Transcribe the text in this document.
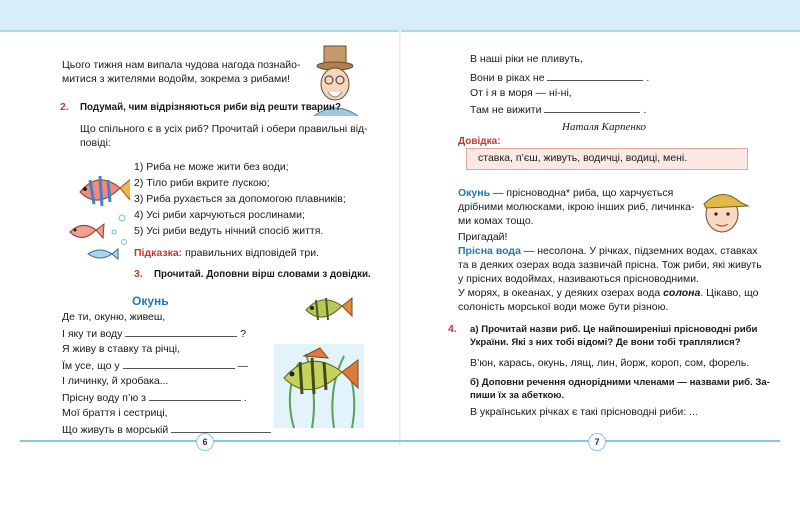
Цього тижня нам випала чудова нагода познайо-
митися з жителями водойм, зокрема з рибами!
2. Подумай, чим відрізняються риби від решти тварин?
Що спільного є в усіх риб? Прочитай і обери правильні від-
повіді:
1) Риба не може жити без води;
2) Тіло риби вкрите лускою;
3) Риба рухається за допомогою плавників;
4) Усі риби харчуються рослинами;
5) Усі риби ведуть нічний спосіб життя.
Підказка: правильних відповідей три.
3. Прочитай. Доповни вірш словами з довідки.
Окунь
Де ти, окуню, живеш,
І яку ти воду	?
Я живу в ставку та річці,
Їм усе, що у	—
І личинку, й хробака...
Прісну воду п’ю з	.
Мої браття і сестриці,
Що живуть в морській
В наші ріки не пливуть,
Вони в ріках не	.
От і я в моря — ні-ні,
Там не вижити	.
Наталя Карпенко
Довідка:
ставка, п’єш, живуть, водичці, водиці, мені.
Окунь — прісноводна* риба, що харчується
дрібними молюсками, ікрою інших риб, личинка-
ми комах тощо.
Пригадай!
Прісна вода — несолона. У річках, підземних водах, ставках
та в деяких озерах вода зазвичай прісна. Тож риби, які живуть
у прісних водоймах, називаються прісноводними.
У морях, в океанах, у деяких озерах вода солона. Цікаво, що
солоність морської води може бути різною.
4. а) Прочитай назви риб. Це найпоширеніші прісноводні риби
України. Які з них тобі відомі? Де вони тобі траплялися?
В’юн, карась, окунь, лящ, лин, йорж, короп, сом, форель.
б) Доповни речення однорідними членами — назвами риб. За-
пиши їх за абеткою.
В українських річках є такі прісноводні риби: ...
6	7
